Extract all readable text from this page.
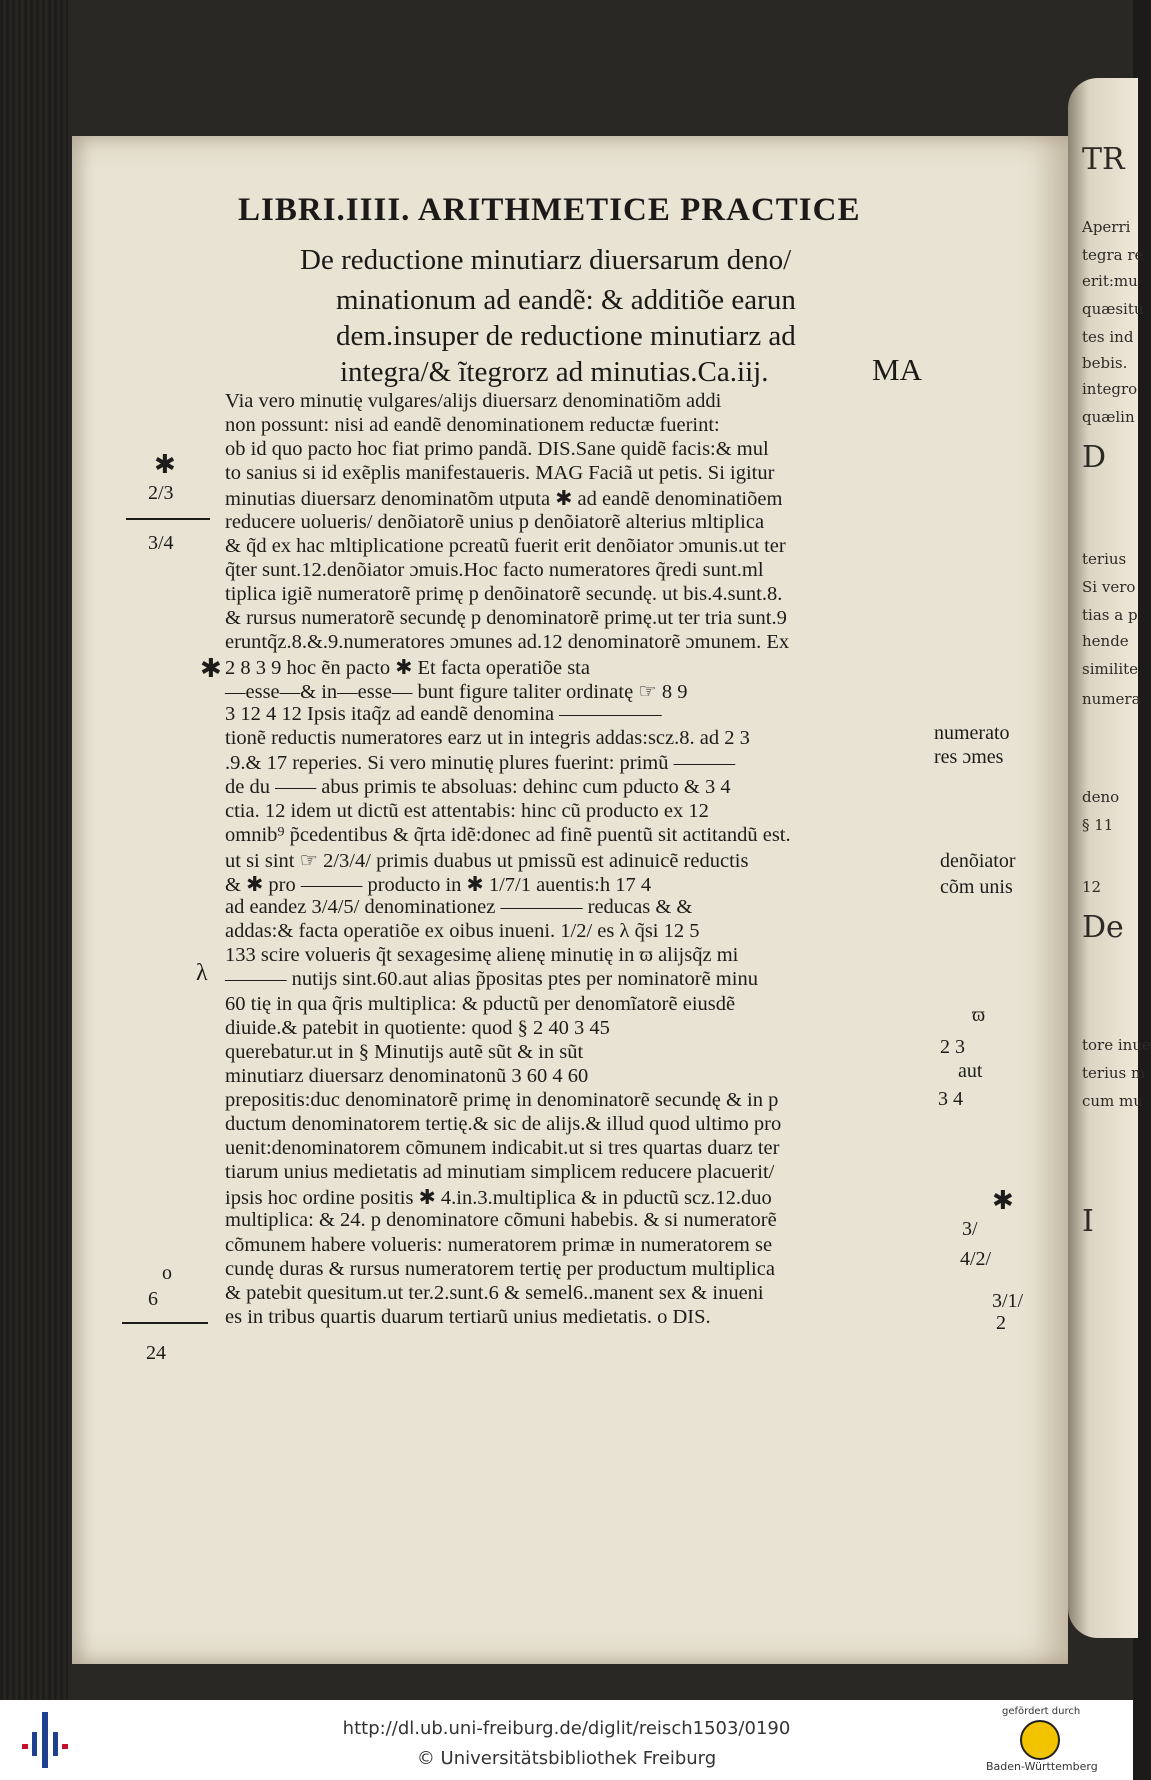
TR
Aperri
tegra re
erit:mu
quæsitu
tes ind
bebis.
integro
quælin
D
terius
Si vero
tias a p
hende
similite
numera
deno
§ 11
12
De
tore inue
terius m
cum mu
I
LIBRI.IIII. ARITHMETICE PRACTICE
De reductione minutiarz diuersarum deno/
minationum ad eandẽ: & additiõe earun
dem.insuper de reductione minutiarz ad
integra/& ĩtegrorz ad minutias.Ca.iij.	MA
Via vero minutię vulgares/alijs diuersarz denominatiõm addi
non possunt: nisi ad eandẽ denominationem reductæ fuerint:
ob id quo pacto hoc fiat primo pandã. DIS.Sane quidẽ facis:& mul
to sanius si id exẽplis manifestaueris. MAG Faciã ut petis. Si igitur
minutias diuersarz denominatõm utputa ✱ ad eandẽ denominatiõem
reducere uolueris/ denõiatorẽ unius p denõiatorẽ alterius mltiplica
& q̃d ex hac mltiplicatione pcreatũ fuerit erit denõiator ɔmunis.ut ter
q̃ter sunt.12.denõiator ɔmuis.Hoc facto numeratores q̃redi sunt.ml
tiplica igiẽ numeratorẽ primę p denõinatorẽ secundę. ut bis.4.sunt.8.
& rursus numeratorẽ secundę p denominatorẽ primę.ut ter tria sunt.9
eruntq̃z.8.&.9.numeratores ɔmunes ad.12 denominatorẽ ɔmunem. Ex
2 8 3 9 hoc ẽn pacto ✱ Et facta operatiõe sta
—esse—& in—esse— bunt figure taliter ordinatę ☞ 8 9
3 12 4 12 Ipsis itaq̃z ad eandẽ denomina —————
tionẽ reductis numeratores earz ut in integris addas:scz.8. ad 2 3
.9.& 17 reperies. Si vero minutię plures fuerint: primũ ———
de du —— abus primis te absoluas: dehinc cum pducto & 3 4
ctia. 12 idem ut dictũ est attentabis: hinc cũ producto ex 12
omnib⁹ p̃cedentibus & q̃rta idẽ:donec ad finẽ puentũ sit actitandũ est.
ut si sint ☞ 2/3/4/ primis duabus ut pmissũ est adinuicẽ reductis
& ✱ pro ——— producto in ✱ 1/7/1 auentis:h 17 4
ad eandez 3/4/5/ denominationez ———— reducas & &
addas:& facta operatiõe ex oibus inueni. 1/2/ es λ q̃si 12 5
133 scire volueris q̃t sexagesimę alienę minutię in ϖ alijsq̃z mi
——— nutijs sint.60.aut alias p̃positas ptes per nominatorẽ minu
60 tię in qua q̃ris multiplica: & pductũ per denomĩatorẽ eiusdẽ
diuide.& patebit in quotiente: quod § 2 40 3 45
querebatur.ut in § Minutijs autẽ sũt & in sũt
minutiarz diuersarz denominatonũ 3 60 4 60
prepositis:duc denominatorẽ primę in denominatorẽ secundę & in p
ductum denominatorem tertię.& sic de alijs.& illud quod ultimo pro
uenit:denominatorem cõmunem indicabit.ut si tres quartas duarz ter
tiarum unius medietatis ad minutiam simplicem reducere placuerit/
ipsis hoc ordine positis ✱ 4.in.3.multiplica & in pductũ scz.12.duo
multiplica: & 24. p denominatore cõmuni habebis. & si numeratorẽ
cõmunem habere volueris: numeratorem primæ in numeratorem se
cundę duras & rursus numeratorem tertię per productum multiplica
& patebit quesitum.ut ter.2.sunt.6 & semel6..manent sex & inueni
es in tribus quartis duarum tertiarũ unius medietatis. o DIS.
✱
2/3
3/4
✱
λ
o
6
24
numerato
res ɔmes
denõiator
cõm unis
ϖ
2 3
aut
3 4
✱
3/
4/2/
3/1/
2
http://dl.ub.uni-freiburg.de/diglit/reisch1503/0190
© Universitätsbibliothek Freiburg
gefördert durch
Baden-Württemberg
